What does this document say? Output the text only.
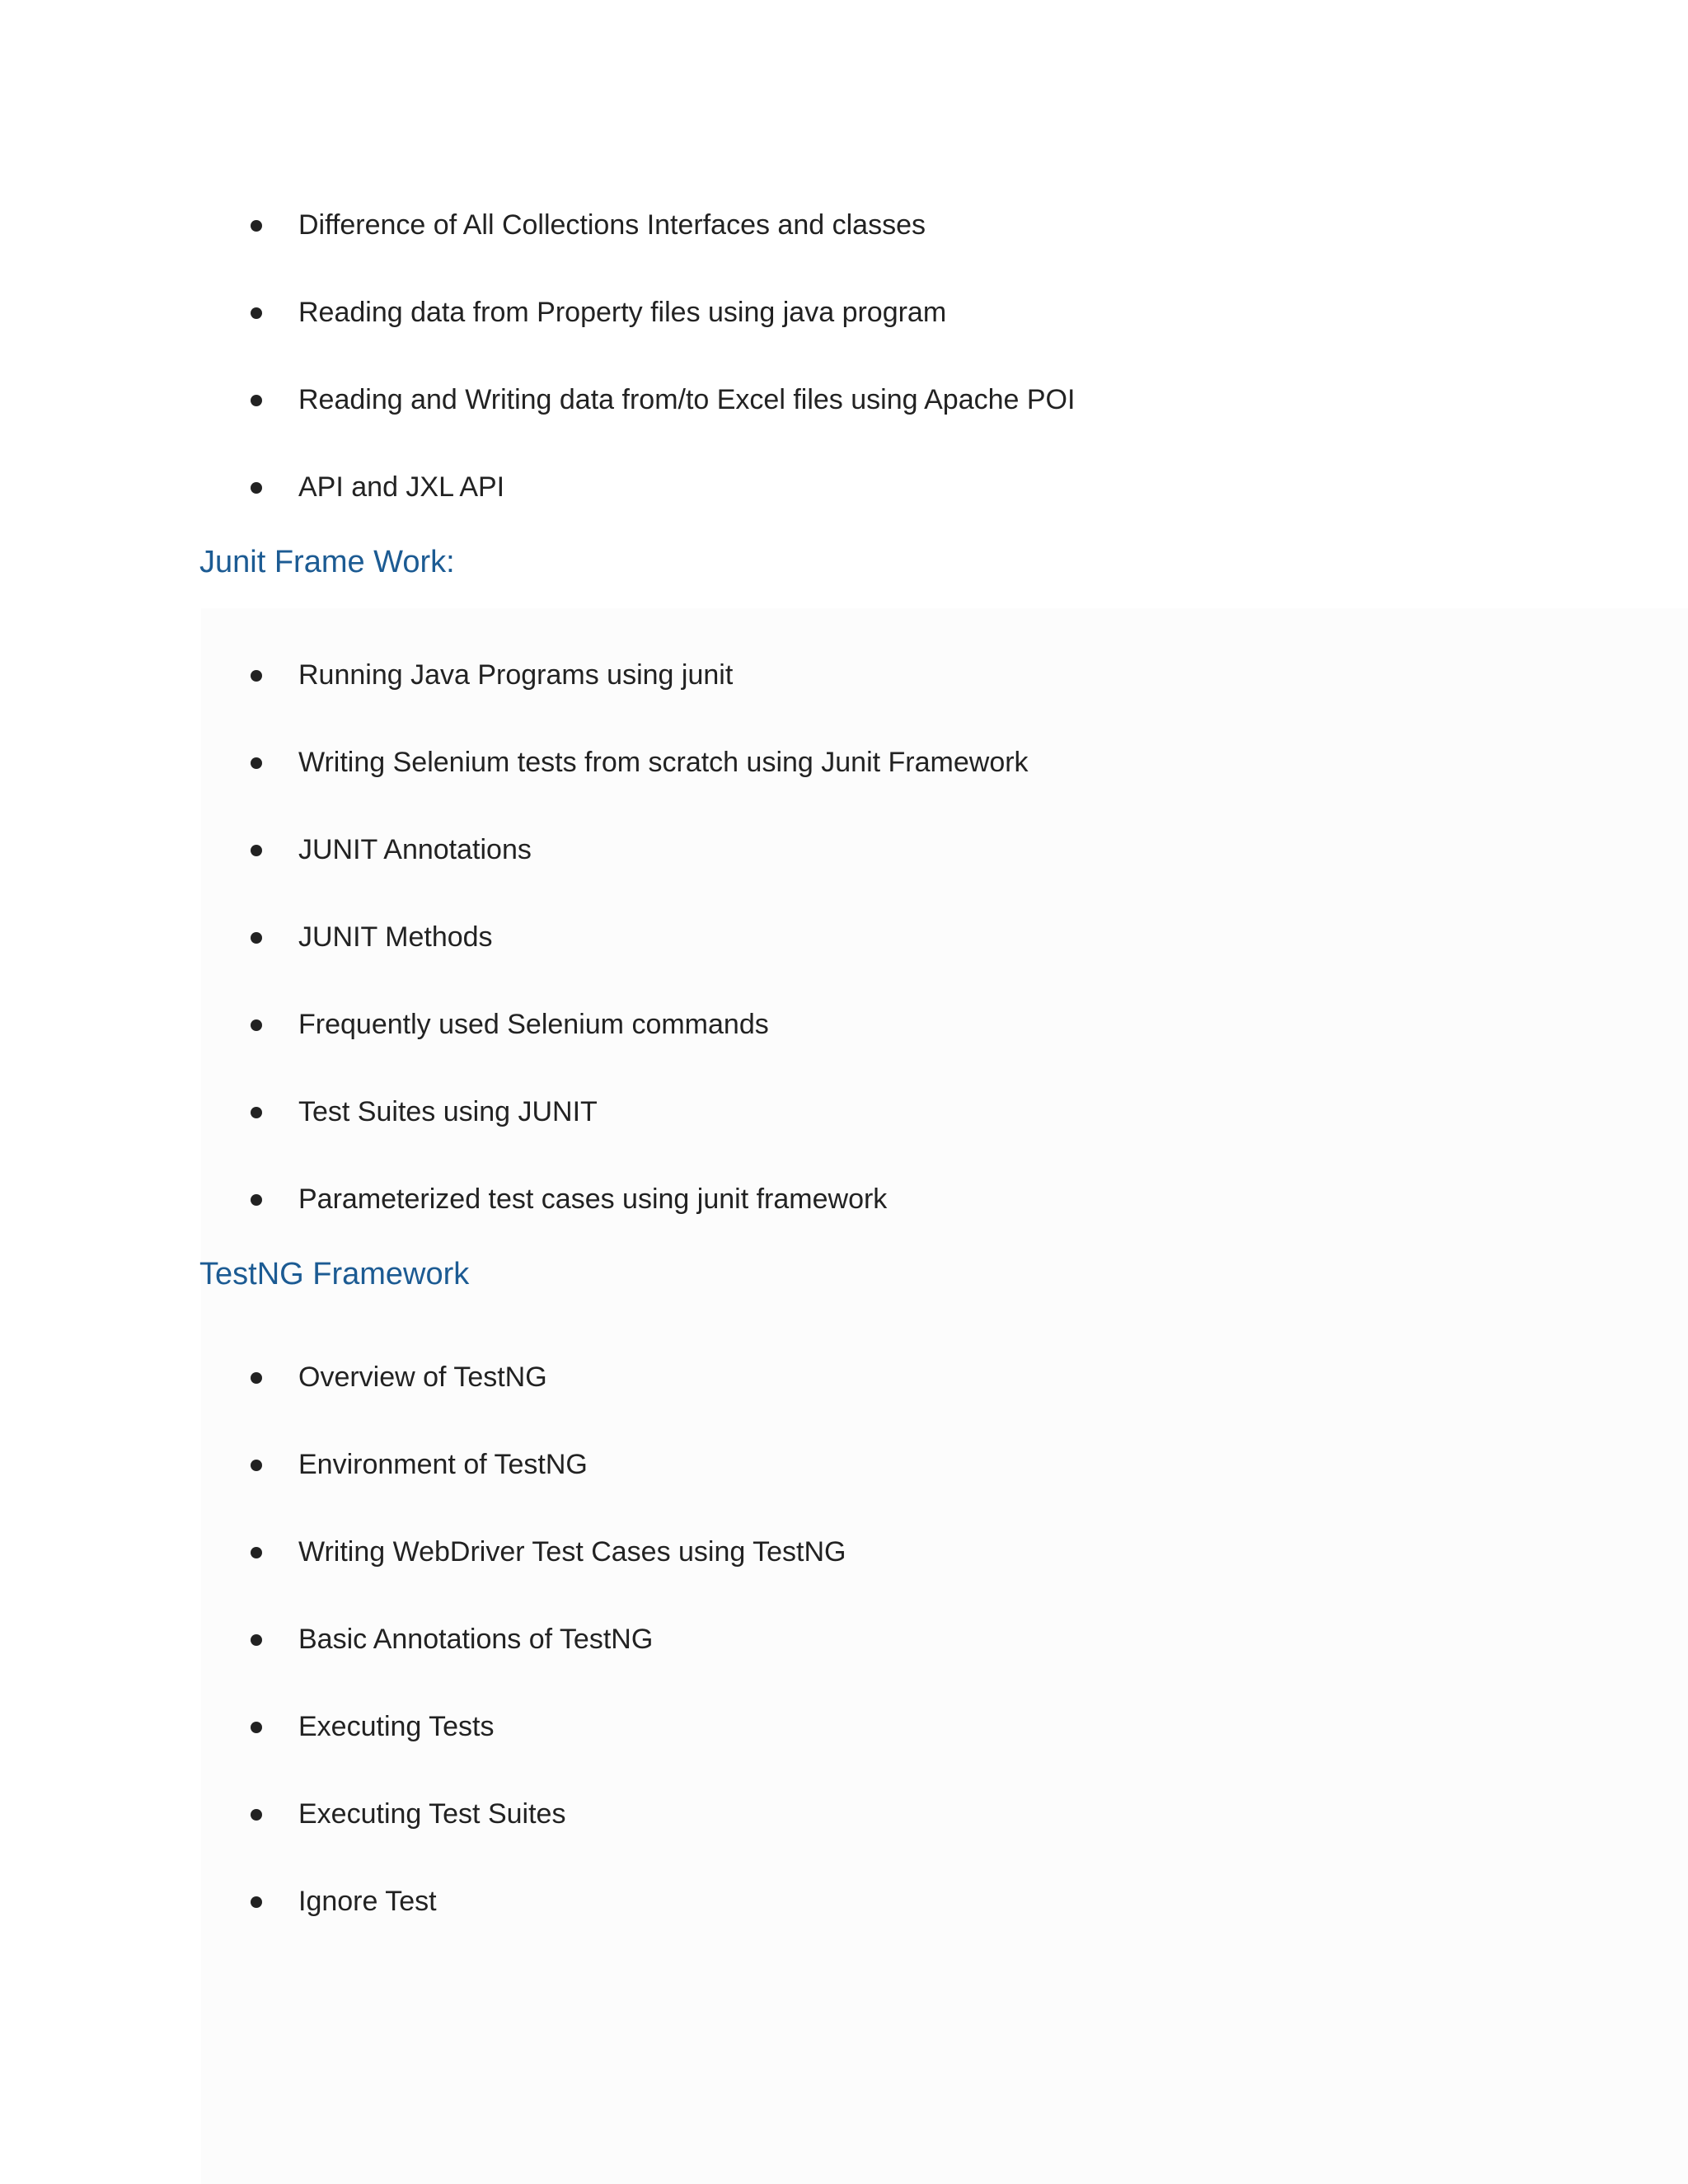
Difference of All Collections Interfaces and classes
Reading data from Property files using java program
Reading and Writing data from/to Excel files using Apache POI
API and JXL API
Junit Frame Work:
Running Java Programs using junit
Writing Selenium tests from scratch using Junit Framework
JUNIT Annotations
JUNIT Methods
Frequently used Selenium commands
Test Suites using JUNIT
Parameterized test cases using junit framework
TestNG Framework
Overview of TestNG
Environment of TestNG
Writing WebDriver Test Cases using TestNG
Basic Annotations of TestNG
Executing Tests
Executing Test Suites
Ignore Test
